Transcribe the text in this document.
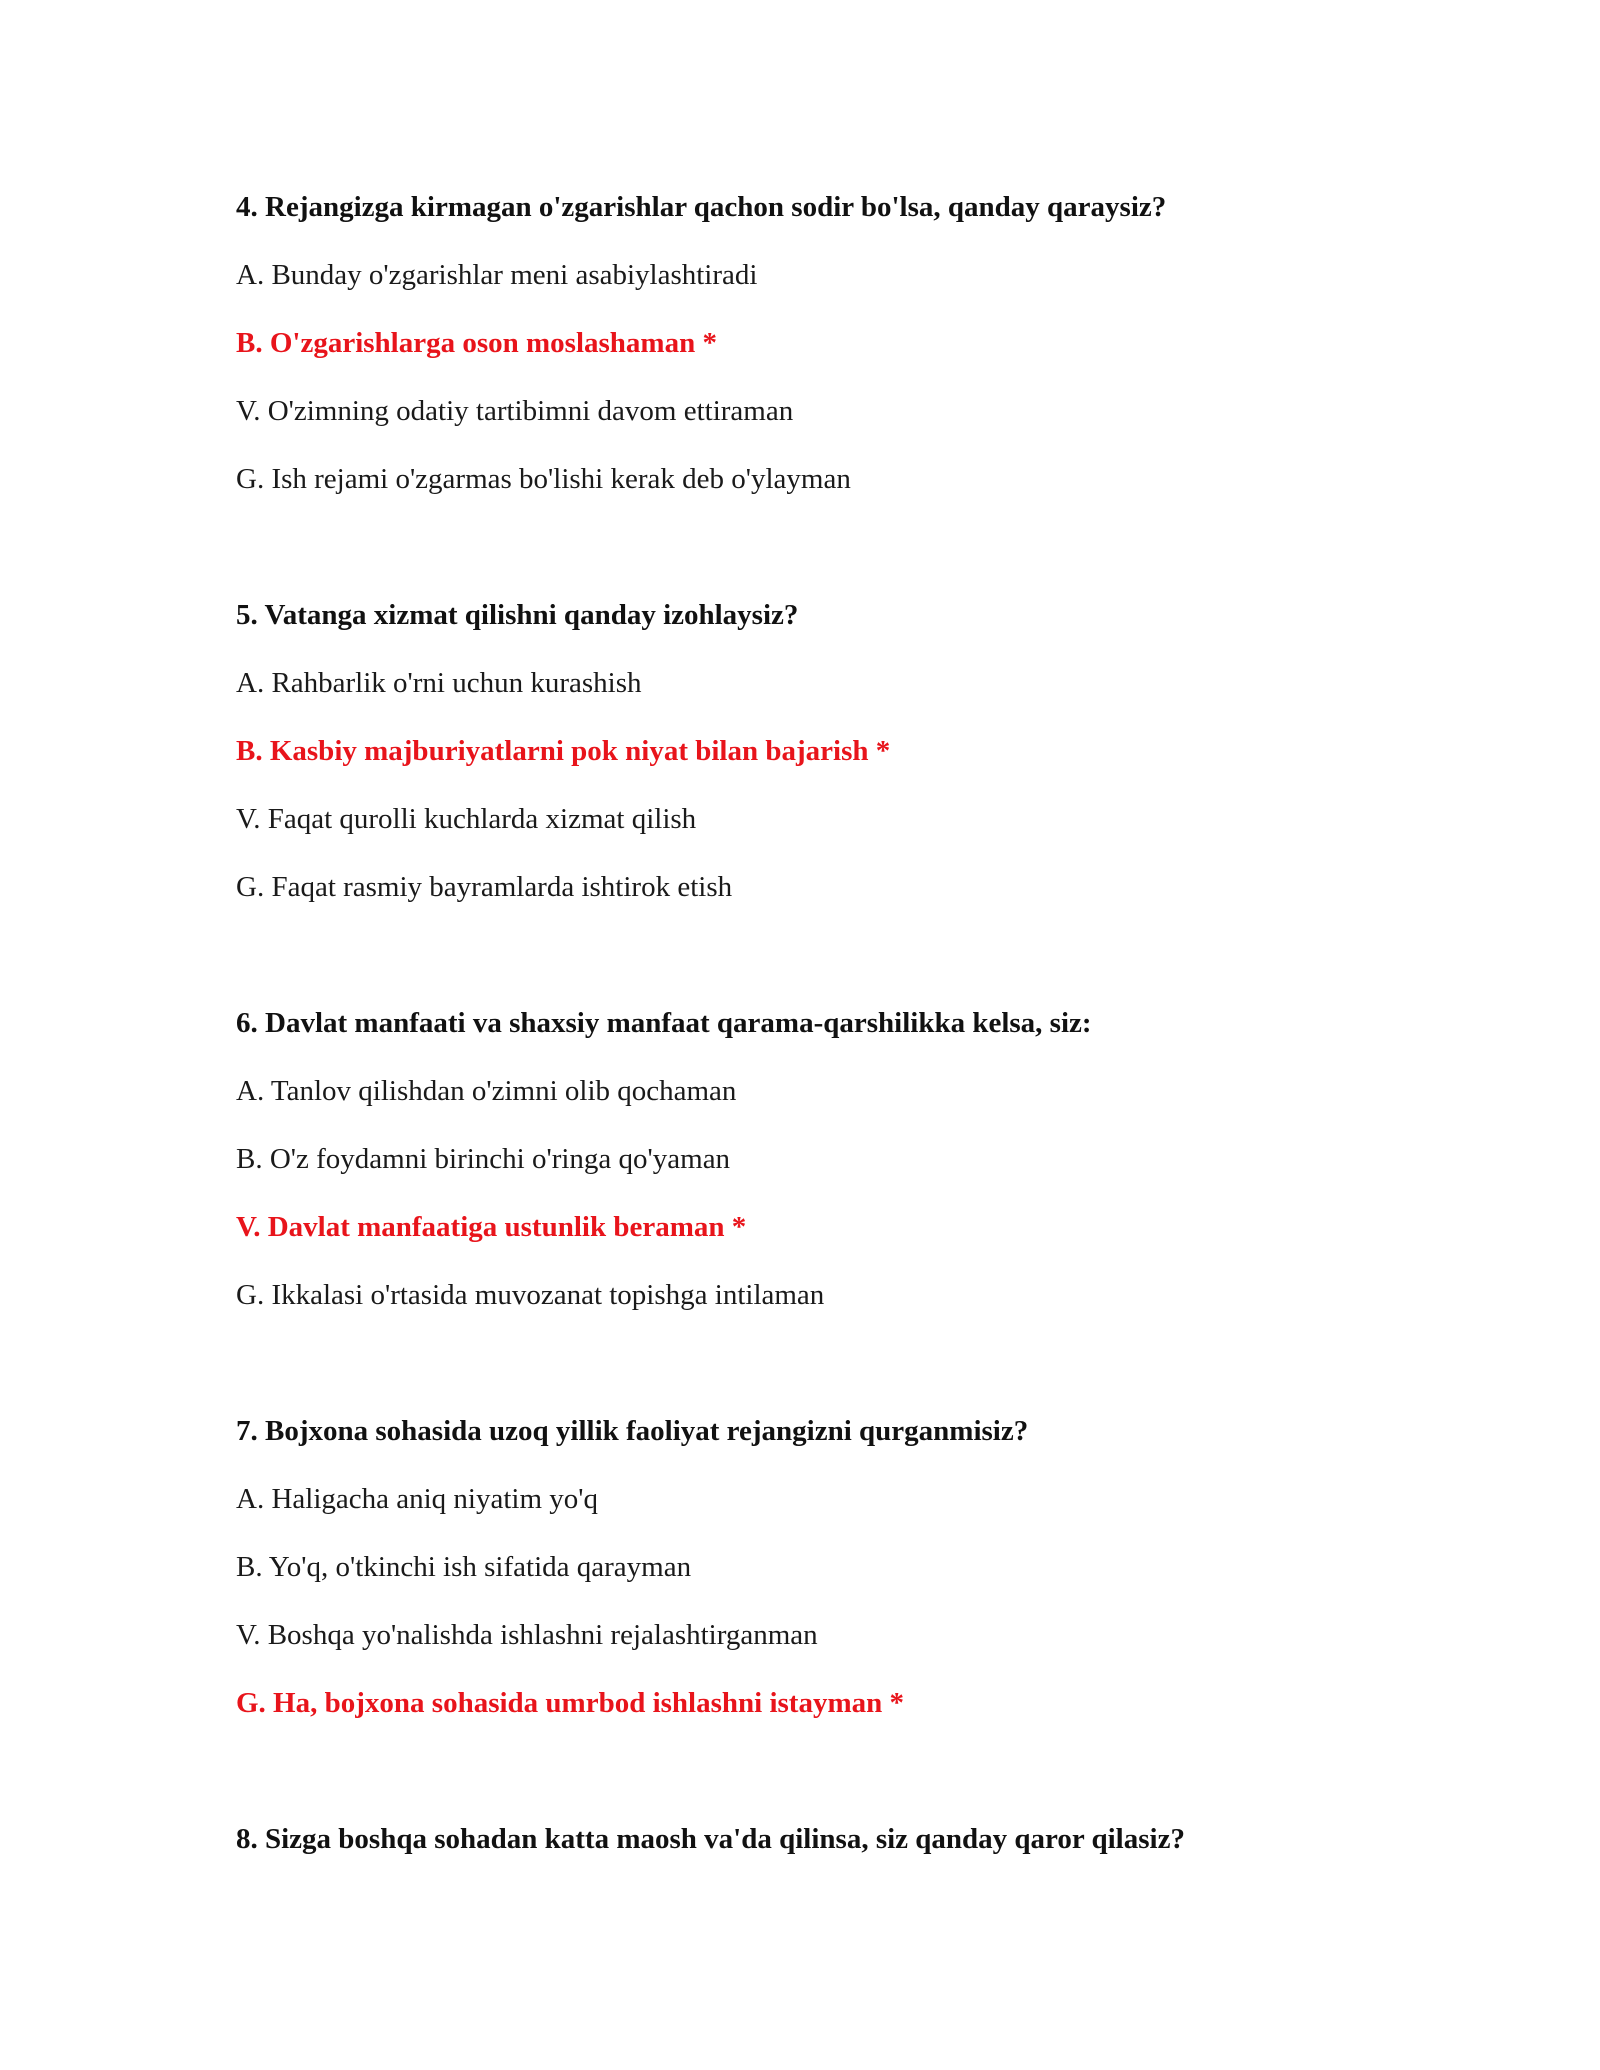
4. Rejangizga kirmagan o'zgarishlar qachon sodir bo'lsa, qanday qaraysiz?
A. Bunday o'zgarishlar meni asabiylashtiradi
B. O'zgarishlarga oson moslashaman *
V. O'zimning odatiy tartibimni davom ettiraman
G. Ish rejami o'zgarmas bo'lishi kerak deb o'ylayman
5. Vatanga xizmat qilishni qanday izohlaysiz?
A. Rahbarlik o'rni uchun kurashish
B. Kasbiy majburiyatlarni pok niyat bilan bajarish *
V. Faqat qurolli kuchlarda xizmat qilish
G. Faqat rasmiy bayramlarda ishtirok etish
6. Davlat manfaati va shaxsiy manfaat qarama-qarshilikka kelsa, siz:
A. Tanlov qilishdan o'zimni olib qochaman
B. O'z foydamni birinchi o'ringa qo'yaman
V. Davlat manfaatiga ustunlik beraman *
G. Ikkalasi o'rtasida muvozanat topishga intilaman
7. Bojxona sohasida uzoq yillik faoliyat rejangizni qurganmisiz?
A. Haligacha aniq niyatim yo'q
B. Yo'q, o'tkinchi ish sifatida qarayman
V. Boshqa yo'nalishda ishlashni rejalashtirganman
G. Ha, bojxona sohasida umrbod ishlashni istayman *
8. Sizga boshqa sohadan katta maosh va'da qilinsa, siz qanday qaror qilasiz?
